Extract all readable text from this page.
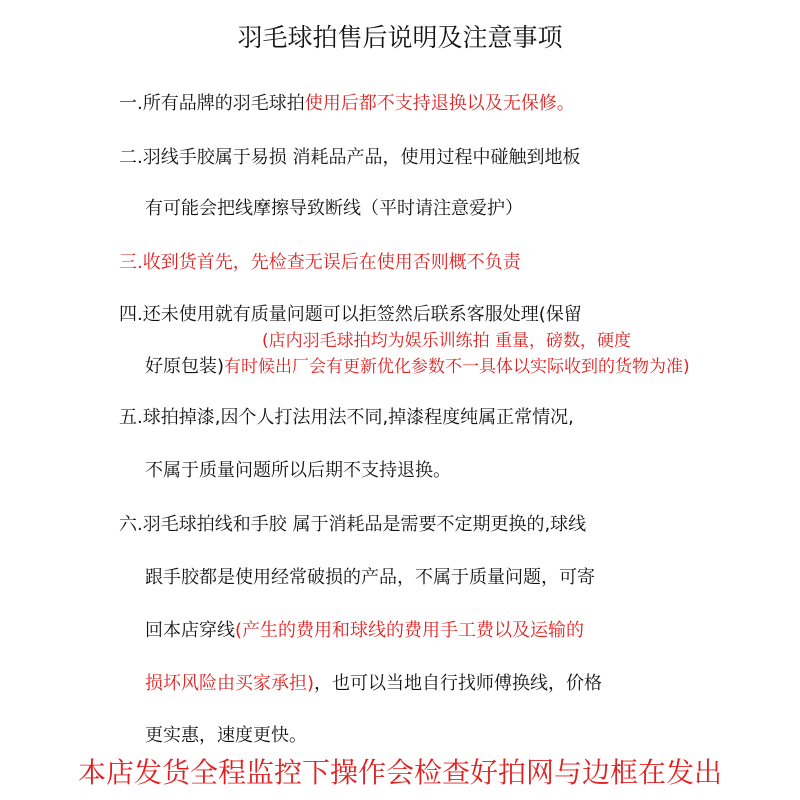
羽毛球拍售后说明及注意事项
一.所有品牌的羽毛球拍使用后都不支持退换以及无保修。
二.羽线手胶属于易损 消耗品产品，使用过程中碰触到地板
有可能会把线摩擦导致断线（平时请注意爱护）
三.收到货首先，先检查无误后在使用否则概不负责
四.还未使用就有质量问题可以拒签然后联系客服处理(保留
(店内羽毛球拍均为娱乐训练拍 重量，磅数，硬度
好原包装)有时候出厂会有更新优化参数不一具体以实际收到的货物为准)
五.球拍掉漆,因个人打法用法不同,掉漆程度纯属正常情况,
不属于质量问题所以后期不支持退换。
六.羽毛球拍线和手胶 属于消耗品是需要不定期更换的,球线
跟手胶都是使用经常破损的产品，不属于质量问题，可寄
回本店穿线(产生的费用和球线的费用手工费以及运输的
损坏风险由买家承担)，也可以当地自行找师傅换线，价格
更实惠，速度更快。
本店发货全程监控下操作会检查好拍网与边框在发出
